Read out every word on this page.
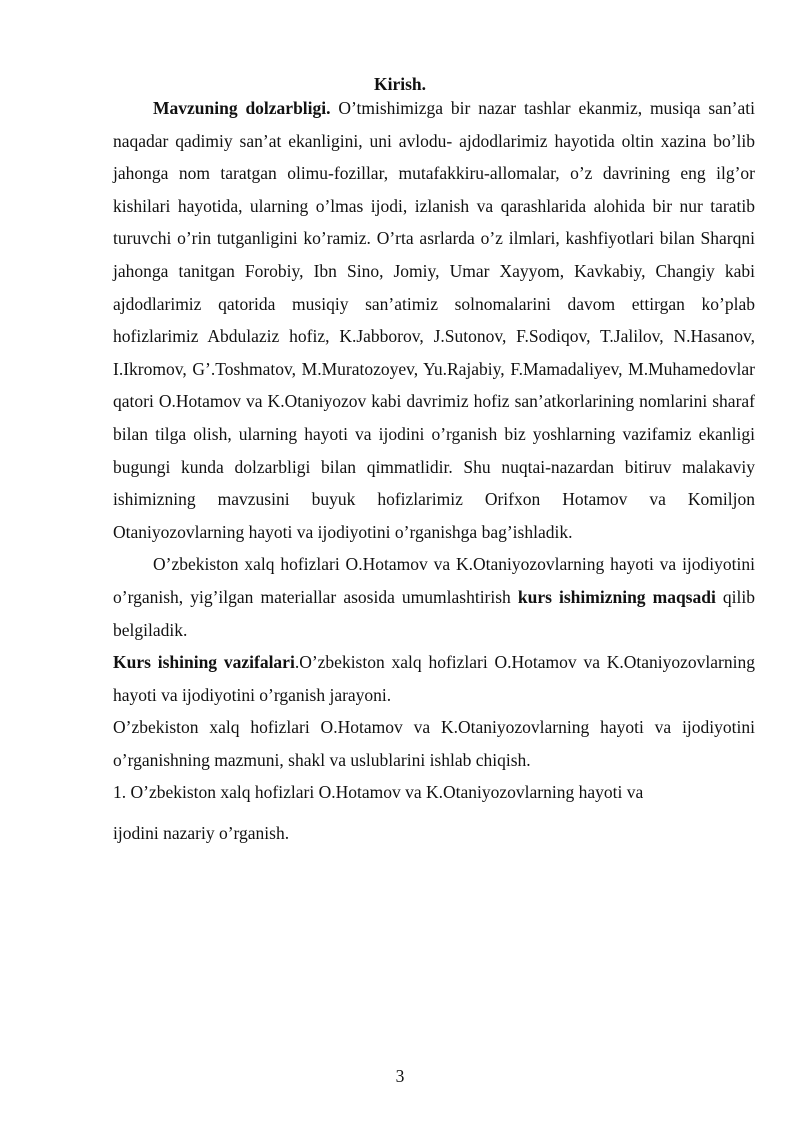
Kirish.

Mavzuning dolzarbligi. O’tmishimizga bir nazar tashlar ekanmiz, musiqa san’ati naqadar qadimiy san’at ekanligini, uni avlodu- ajdodlarimiz hayotida oltin xazina bo’lib jahonga nom taratgan olimu-fozillar, mutafakkiru-allomalar, o’z davrining eng ilg’or kishilari hayotida, ularning o’lmas ijodi, izlanish va qarashlarida alohida bir nur taratib turuvchi o’rin tutganligini ko’ramiz. O’rta asrlarda o’z ilmlari, kashfiyotlari bilan Sharqni jahonga tanitgan Forobiy, Ibn Sino, Jomiy, Umar Xayyom, Kavkabiy, Changiy kabi ajdodlarimiz qatorida musiqiy san’atimiz solnomalarini davom ettirgan ko’plab hofizlarimiz Abdulaziz hofiz, K.Jabborov, J.Sutonov, F.Sodiqov, T.Jalilov, N.Hasanov, I.Ikromov, G’.Toshmatov, M.Muratozoyev, Yu.Rajabiy, F.Mamadaliyev, M.Muhamedovlar qatori O.Hotamov va K.Otaniyozov kabi davrimiz hofiz san’atkorlarining nomlarini sharaf bilan tilga olish, ularning hayoti va ijodini o’rganish biz yoshlarning vazifamiz ekanligi bugungi kunda dolzarbligi bilan qimmatlidir. Shu nuqtai-nazardan bitiruv malakaviy ishimizning mavzusini buyuk hofizlarimiz Orifxon Hotamov va Komiljon Otaniyozovlarning hayoti va ijodiyotini o’rganishga bag’ishladik.

O’zbekiston xalq hofizlari O.Hotamov va K.Otaniyozovlarning hayoti va ijodiyotini o’rganish, yig’ilgan materiallar asosida umumlashtirish kurs ishimizning maqsadi qilib belgiladik.

Kurs ishining vazifalari.O’zbekiston xalq hofizlari O.Hotamov va K.Otaniyozovlarning hayoti va ijodiyotini o’rganish jarayoni.

O’zbekiston xalq hofizlari O.Hotamov va K.Otaniyozovlarning hayoti va ijodiyotini o’rganishning mazmuni, shakl va uslublarini ishlab chiqish.

1. O’zbekiston xalq hofizlari O.Hotamov va K.Otaniyozovlarning hayoti va

ijodini nazariy o’rganish.

3
